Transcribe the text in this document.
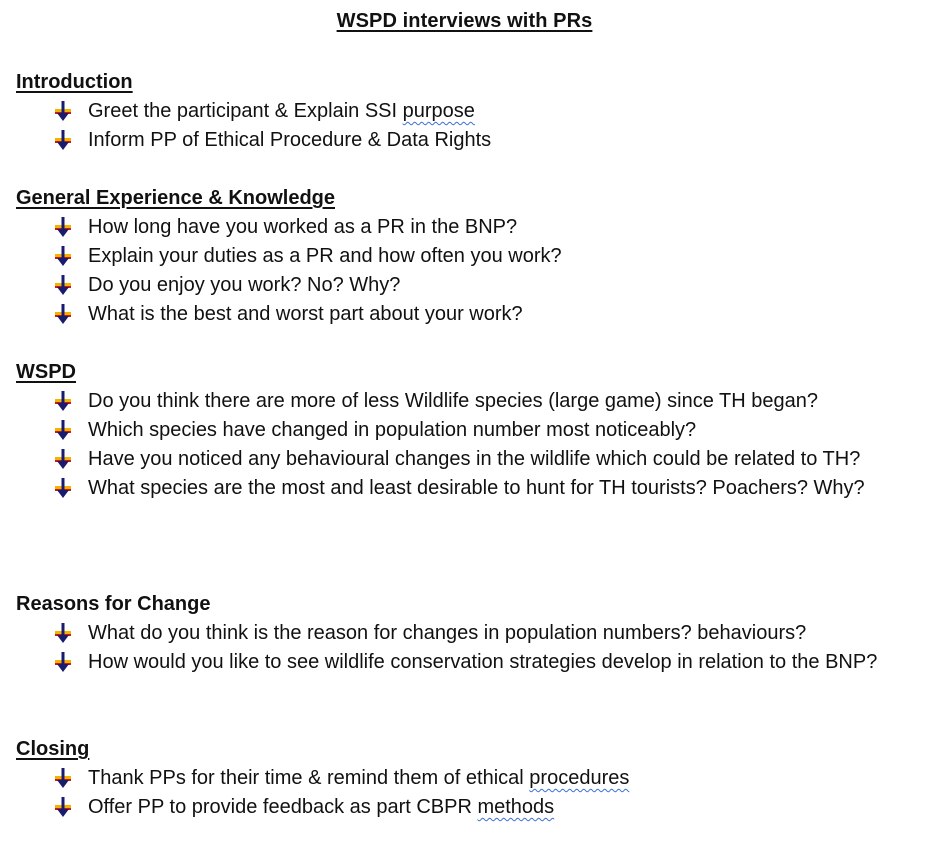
WSPD interviews with PRs
Introduction
Greet the participant & Explain SSI purpose
Inform PP of Ethical Procedure & Data Rights
General Experience & Knowledge
How long have you worked as a PR in the BNP?
Explain your duties as a PR and how often you work?
Do you enjoy you work? No? Why?
What is the best and worst part about your work?
WSPD
Do you think there are more of less Wildlife species (large game) since TH began?
Which species have changed in population number most noticeably?
Have you noticed any behavioural changes in the wildlife which could be related to TH?
What species are the most and least desirable to hunt for TH tourists? Poachers? Why?
Reasons for Change
What do you think is the reason for changes in population numbers? behaviours?
How would you like to see wildlife conservation strategies develop in relation to the BNP?
Closing
Thank PPs for their time & remind them of ethical procedures
Offer PP to provide feedback as part CBPR methods
